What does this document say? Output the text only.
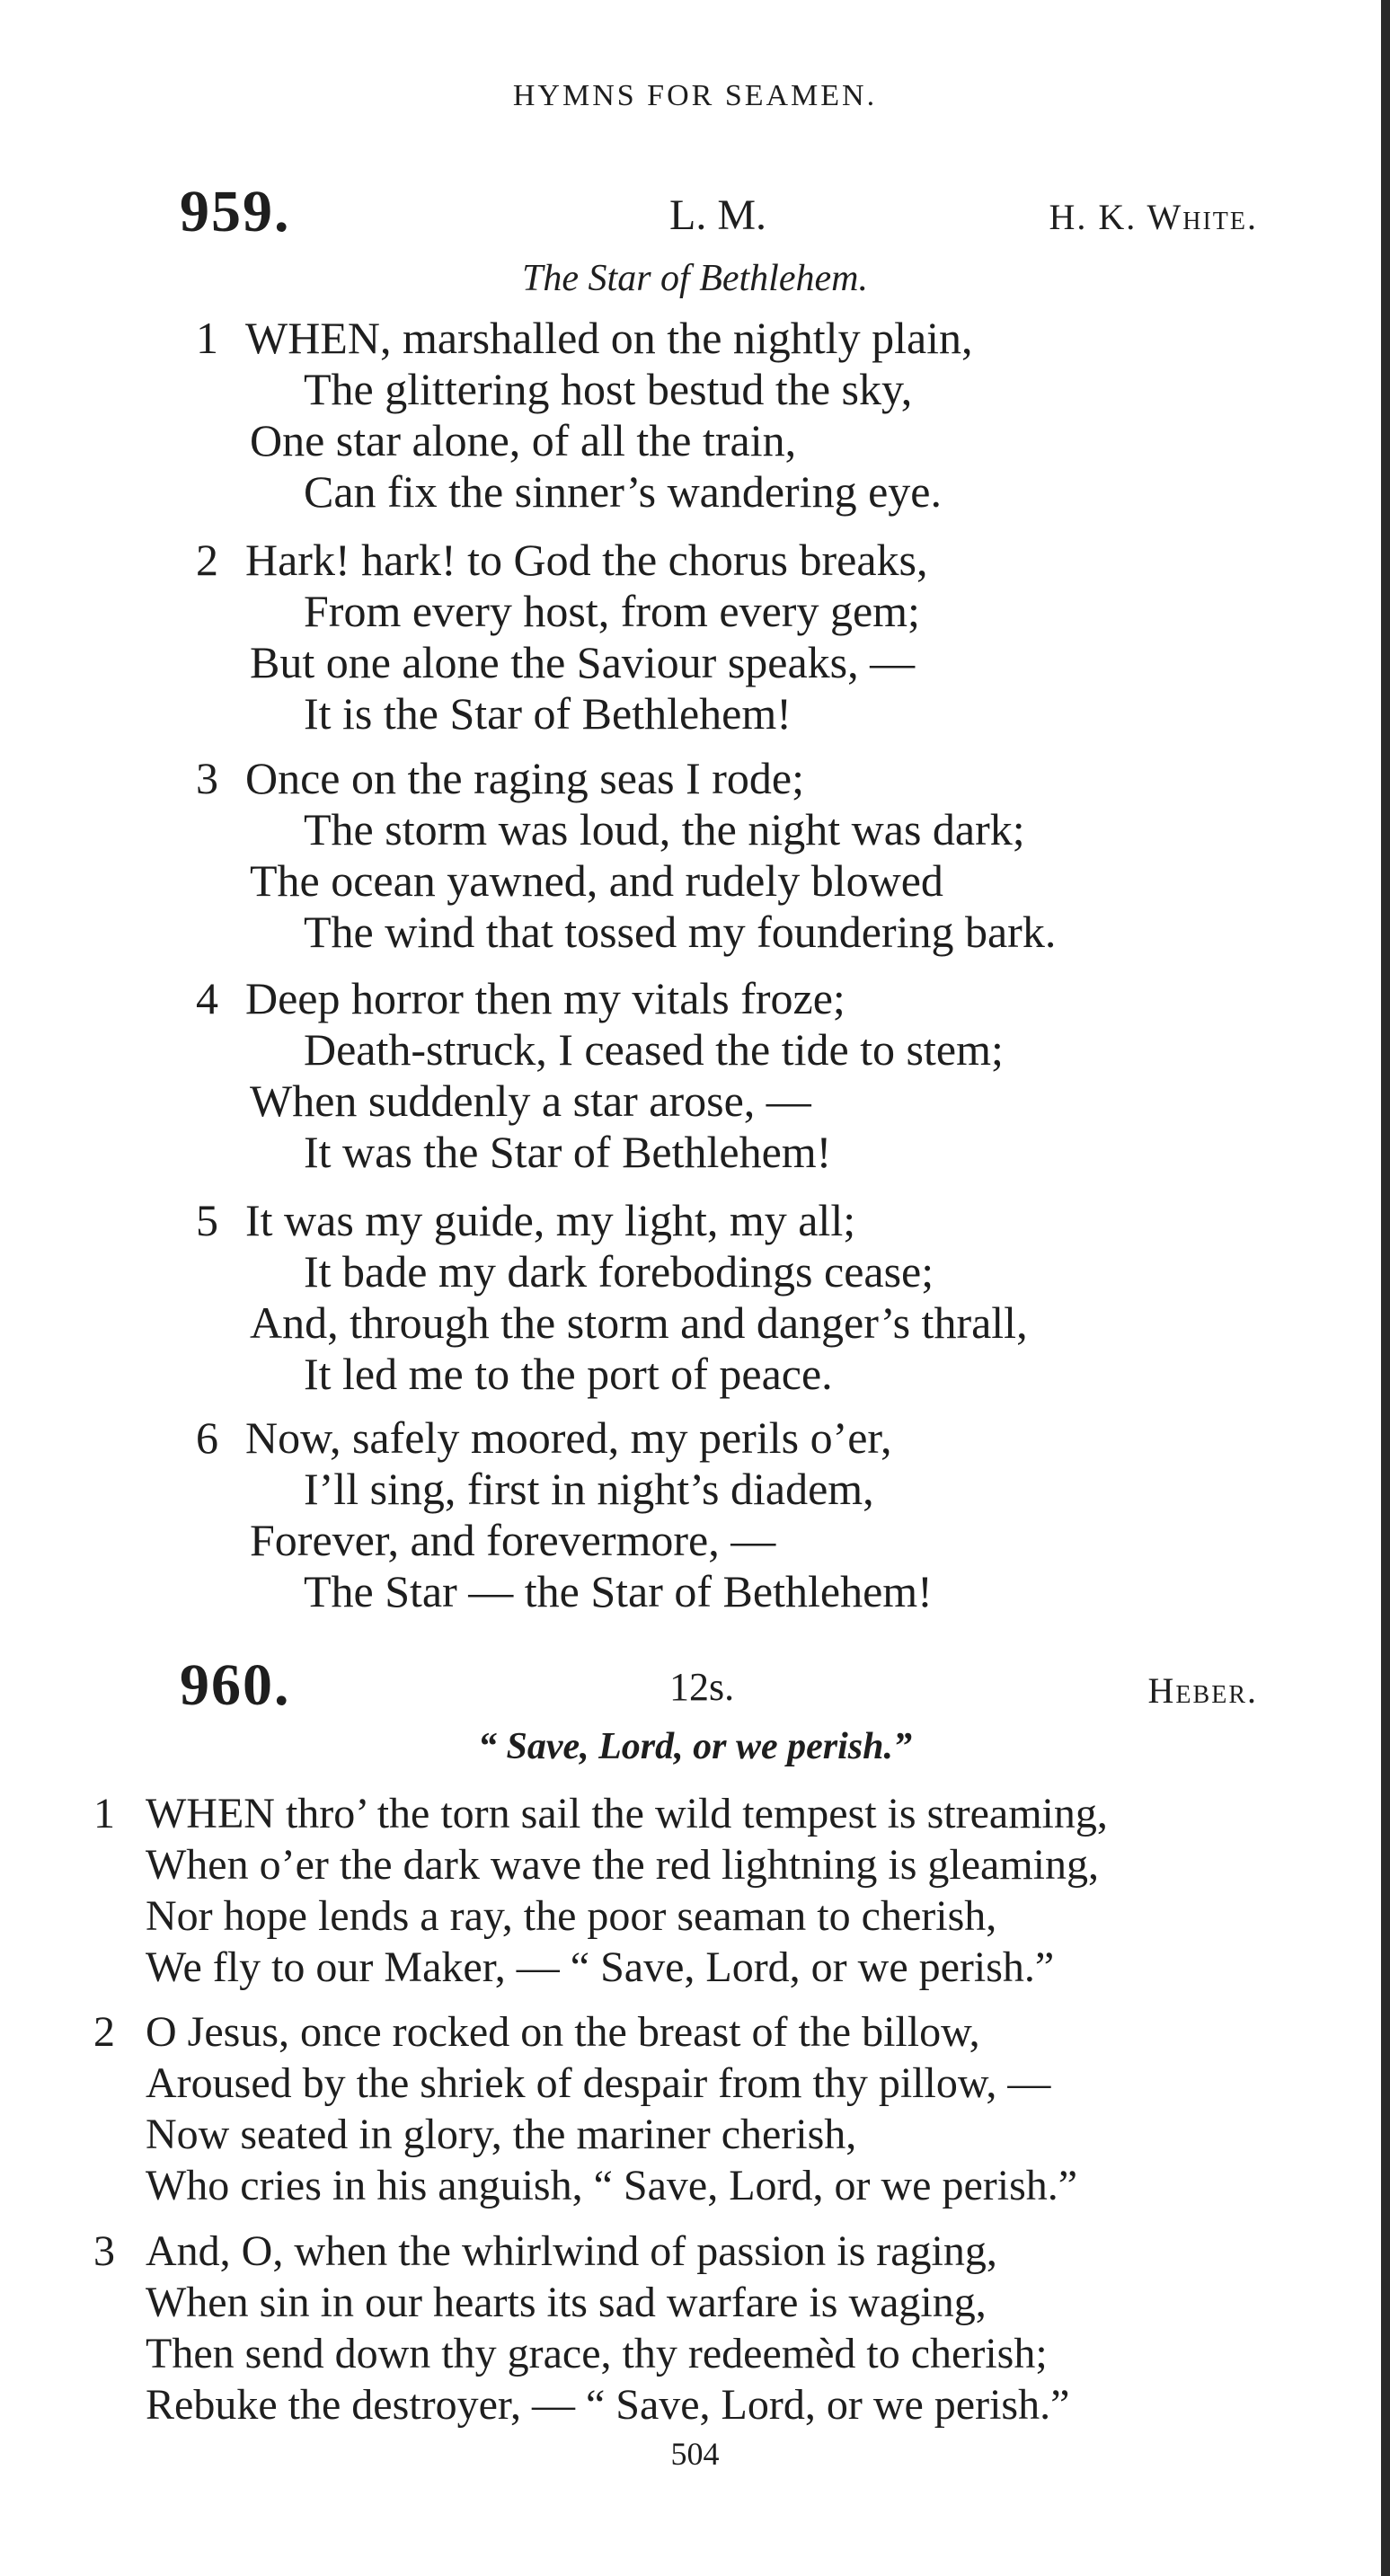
HYMNS FOR SEAMEN.
959.	L. M.	H. K. White.
The Star of Bethlehem.
1 WHEN, marshalled on the nightly plain,
The glittering host bestud the sky,
One star alone, of all the train,
Can fix the sinner’s wandering eye.
2 Hark! hark! to God the chorus breaks,
From every host, from every gem;
But one alone the Saviour speaks, —
It is the Star of Bethlehem!
3 Once on the raging seas I rode;
The storm was loud, the night was dark;
The ocean yawned, and rudely blowed
The wind that tossed my foundering bark.
4 Deep horror then my vitals froze;
Death-struck, I ceased the tide to stem;
When suddenly a star arose, —
It was the Star of Bethlehem!
5 It was my guide, my light, my all;
It bade my dark forebodings cease;
And, through the storm and danger’s thrall,
It led me to the port of peace.
6 Now, safely moored, my perils o’er,
I’ll sing, first in night’s diadem,
Forever, and forevermore, —
The Star — the Star of Bethlehem!
960.	12s.	Heber.
“ Save, Lord, or we perish.”
1 WHEN thro’ the torn sail the wild tempest is streaming,
When o’er the dark wave the red lightning is gleaming,
Nor hope lends a ray, the poor seaman to cherish,
We fly to our Maker, — “ Save, Lord, or we perish.”
2 O Jesus, once rocked on the breast of the billow,
Aroused by the shriek of despair from thy pillow, —
Now seated in glory, the mariner cherish,
Who cries in his anguish, “ Save, Lord, or we perish.”
3 And, O, when the whirlwind of passion is raging,
When sin in our hearts its sad warfare is waging,
Then send down thy grace, thy redeemèd to cherish;
Rebuke the destroyer, — “ Save, Lord, or we perish.”
504
